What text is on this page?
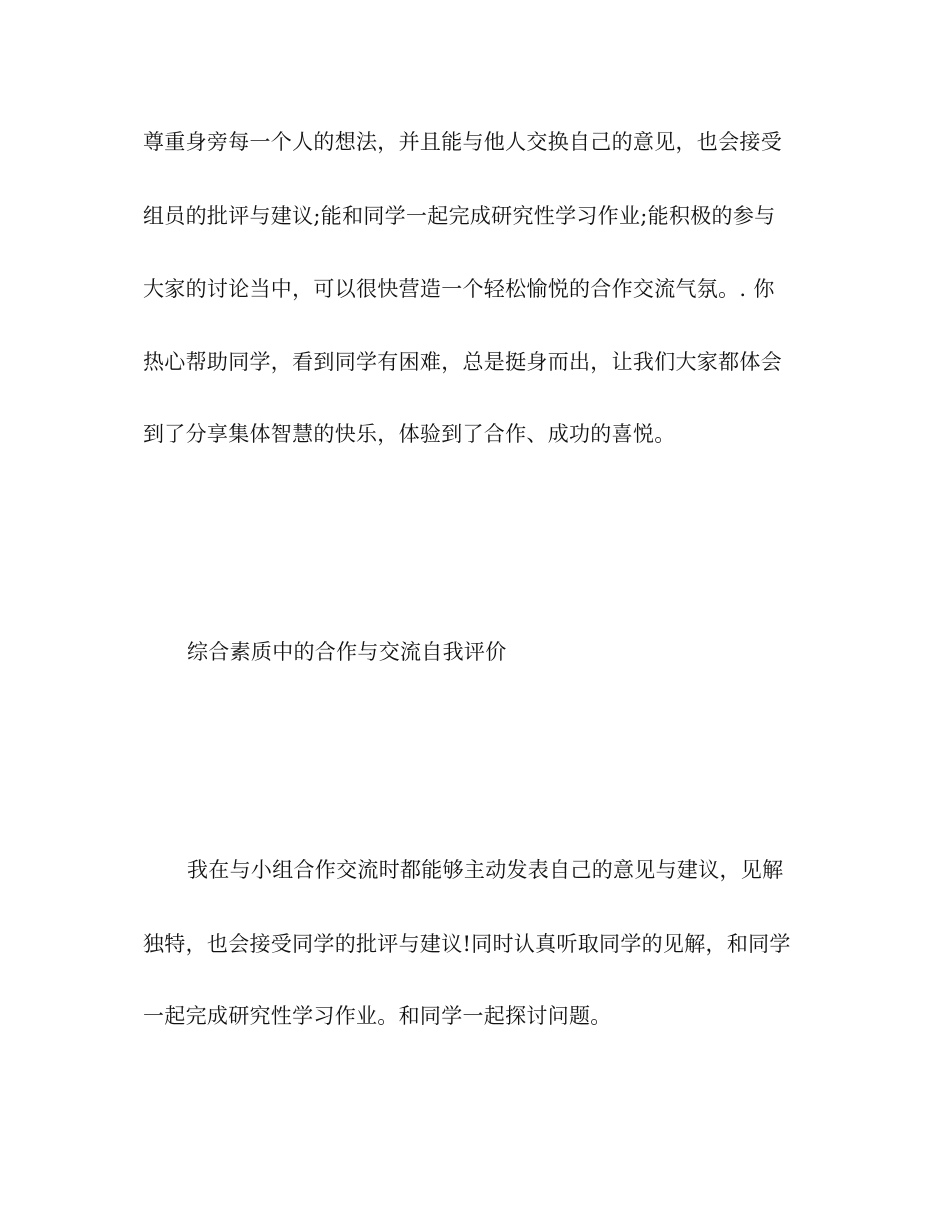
尊重身旁每一个人的想法，并且能与他人交换自己的意见，也会接受
组员的批评与建议;能和同学一起完成研究性学习作业;能积极的参与
大家的讨论当中，可以很快营造一个轻松愉悦的合作交流气氛。. 你
热心帮助同学，看到同学有困难，总是挺身而出，让我们大家都体会
到了分享集体智慧的快乐，体验到了合作、成功的喜悦。
综合素质中的合作与交流自我评价
我在与小组合作交流时都能够主动发表自己的意见与建议，见解
独特，也会接受同学的批评与建议!同时认真听取同学的见解，和同学
一起完成研究性学习作业。和同学一起探讨问题。
